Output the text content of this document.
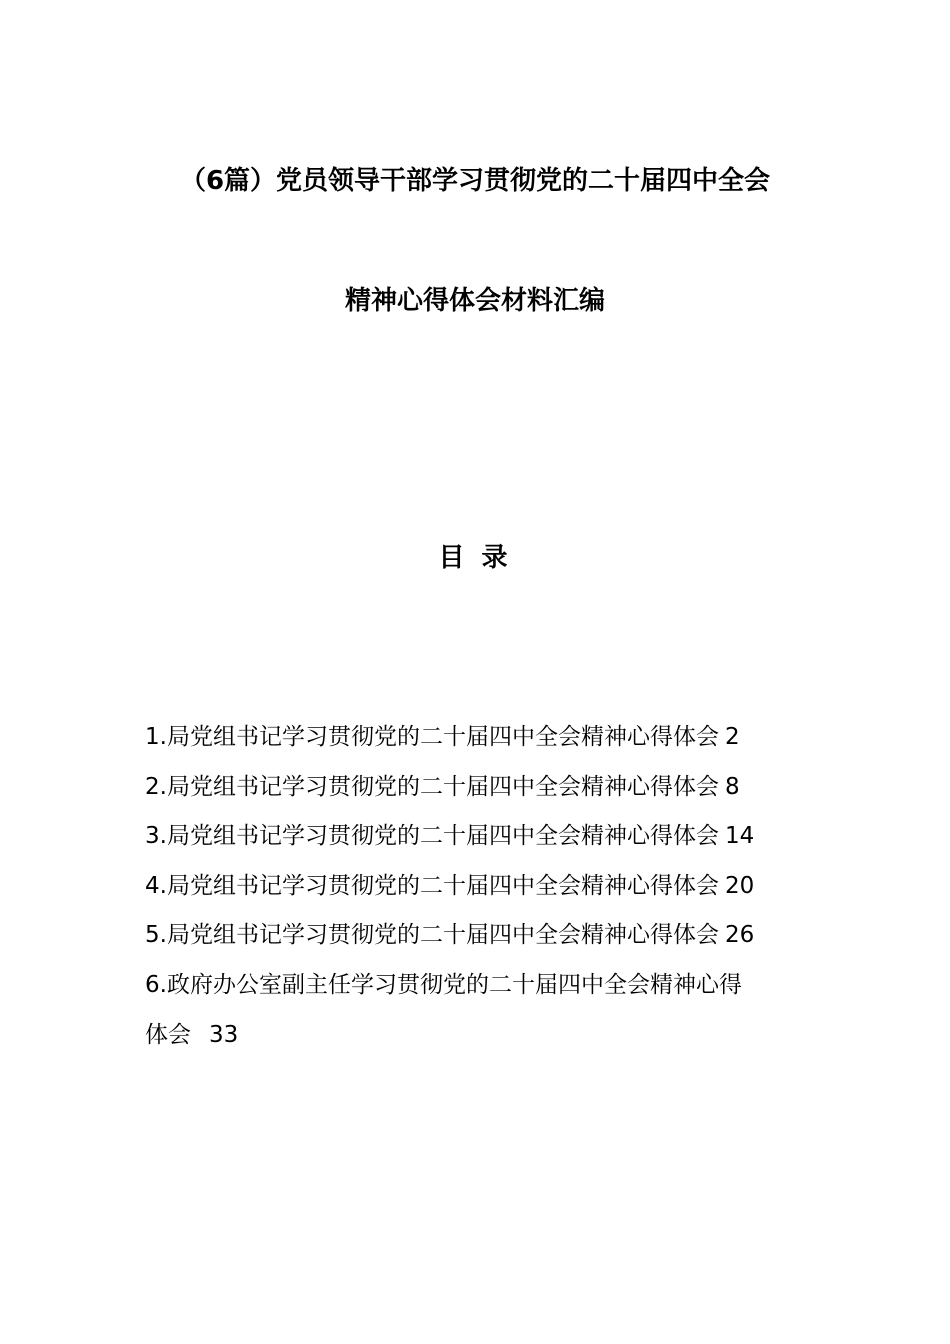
（6篇）党员领导干部学习贯彻党的二十届四中全会
精神心得体会材料汇编
目 录
1.局党组书记学习贯彻党的二十届四中全会精神心得体会 2
2.局党组书记学习贯彻党的二十届四中全会精神心得体会 8
3.局党组书记学习贯彻党的二十届四中全会精神心得体会 14
4.局党组书记学习贯彻党的二十届四中全会精神心得体会 20
5.局党组书记学习贯彻党的二十届四中全会精神心得体会 26
6.政府办公室副主任学习贯彻党的二十届四中全会精神心得
体会 33
